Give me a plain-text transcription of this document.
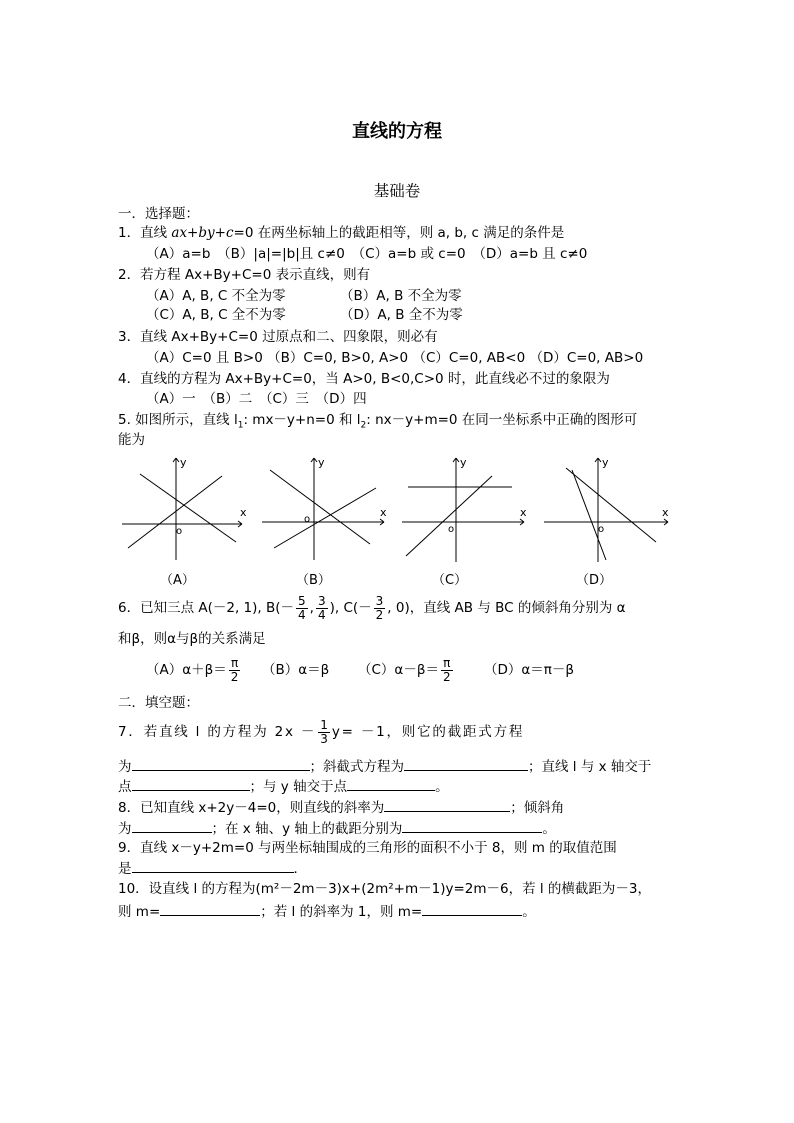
直线的方程
基础卷
一．选择题：
1．直线 ax+by+c=0 在两坐标轴上的截距相等，则 a, b, c 满足的条件是
（A）a=b　（B）|a|=|b|且 c≠0　（C）a=b 或 c=0　（D）a=b 且 c≠0
2．若方程 Ax+By+C=0 表示直线，则有
（A）A, B, C 不全为零	（B）A, B 不全为零
（C）A, B, C 全不为零	（D）A, B 全不为零
3．直线 Ax+By+C=0 过原点和二、四象限，则必有
（A）C=0 且 B>0 （B）C=0, B>0, A>0 （C）C=0, AB<0 （D）C=0, AB>0
4．直线的方程为 Ax+By+C=0，当 A>0, B<0,C>0 时，此直线必不过的象限为
（A）一　（B）二　（C）三　（D）四
5. 如图所示，直线 $l_1$: mx－y+n=0 和 $l_2$: nx－y+m=0 在同一坐标系中正确的图形可
能为
y
x
o
（A）
y
x
o
（B）
y
x
o
（C）
y
x
o
（D）
6．已知三点 A(－2, 1), $B(- \frac{5}{4}$ , $\frac{3}{4}$ ), $C(- \frac{3}{2}$ , 0)，直线 AB 与 BC 的倾斜角分别为 α
和β，则α与β的关系满足
$(A)\alpha+\beta= \frac{\pi}{2} (B)\alpha=\beta$ $(C)\alpha-\beta= \frac{\pi}{2} (D)\alpha=\pi-\beta$
二．填空题：
7．若直线 l 的方程为 $2x - \frac{1}{3} y= -1$，则它的截距式方程
为	；斜截式方程为	；直线 l 与 x 轴交于
点	；与 y 轴交于点	。
8．已知直线 x+2y－4=0，则直线的斜率为	；倾斜角
为	；在 x 轴、y 轴上的截距分别为	。
9．直线 x－y+2m=0 与两坐标轴围成的三角形的面积不小于 8，则 m 的取值范围
是	．
10．设直线 l 的方程为(m²－2m－3)x+(2m²+m－1)y=2m－6，若 l 的横截距为－3，
则 m=	；若 l 的斜率为 1，则 m=	。
